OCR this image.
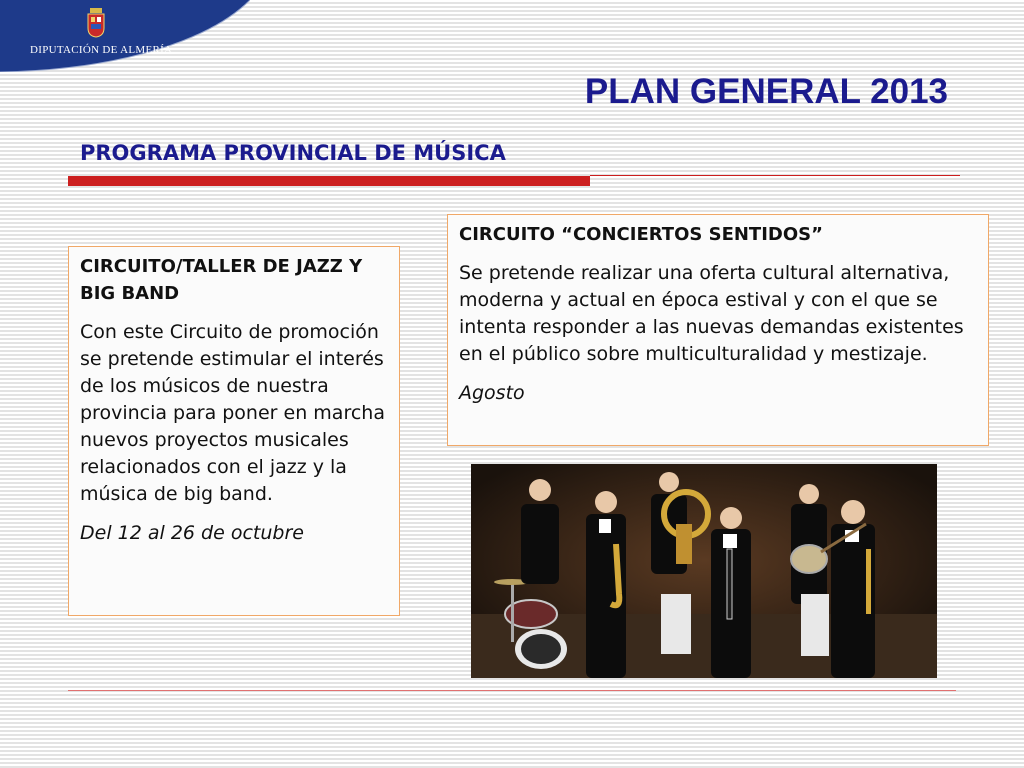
DIPUTACIÓN DE ALMERÍA
PLAN GENERAL 2013
PROGRAMA PROVINCIAL DE MÚSICA

CIRCUITO/TALLER DE JAZZ Y BIG BAND

Con este Circuito de promoción se pretende estimular el interés de los músicos de nuestra provincia para poner en marcha nuevos proyectos musicales relacionados con el jazz y la música de big band.

Del 12 al 26 de octubre

CIRCUITO “CONCIERTOS SENTIDOS”

Se pretende realizar una oferta cultural alternativa, moderna y actual en época estival y con el que se intenta responder a las nuevas demandas existentes en el público sobre multiculturalidad y mestizaje.

Agosto
